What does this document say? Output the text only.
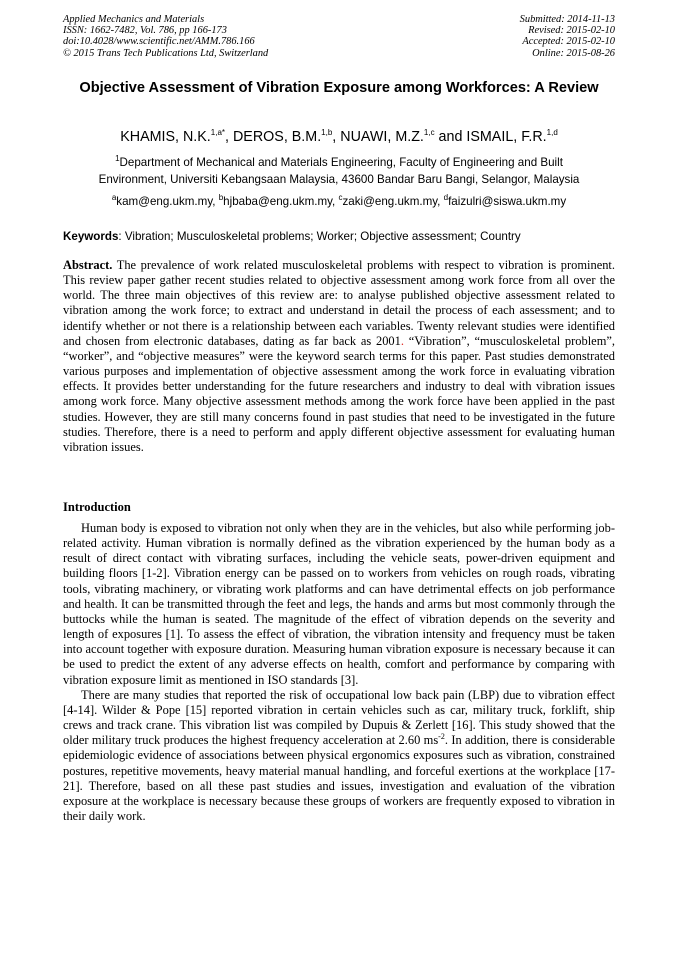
Applied Mechanics and Materials
ISSN: 1662-7482, Vol. 786, pp 166-173
doi:10.4028/www.scientific.net/AMM.786.166
© 2015 Trans Tech Publications Ltd, Switzerland
Submitted: 2014-11-13
Revised: 2015-02-10
Accepted: 2015-02-10
Online: 2015-08-26
Objective Assessment of Vibration Exposure among Workforces: A Review
KHAMIS, N.K.$^{1,a*}$, DEROS, B.M.$^{1,b}$, NUAWI, M.Z.$^{1,c}$ and ISMAIL, F.R.$^{1,d}$
$^1$Department of Mechanical and Materials Engineering, Faculty of Engineering and Built
Environment, Universiti Kebangsaan Malaysia, 43600 Bandar Baru Bangi, Selangor, Malaysia
$^a$kam@eng.ukm.my, $^b$hjbaba@eng.ukm.my, $^c$zaki@eng.ukm.my, $^d$faizulri@siswa.ukm.my
Keywords: Vibration; Musculoskeletal problems; Worker; Objective assessment; Country
Abstract. The prevalence of work related musculoskeletal problems with respect to vibration is prominent. This review paper gather recent studies related to objective assessment among work force from all over the world. The three main objectives of this review are: to analyse published objective assessment related to vibration among the work force; to extract and understand in detail the process of each assessment; and to identify whether or not there is a relationship between each variables. Twenty relevant studies were identified and chosen from electronic databases, dating as far back as 2001. “Vibration”, “musculoskeletal problem”, “worker”, and “objective measures” were the keyword search terms for this paper. Past studies demonstrated various purposes and implementation of objective assessment among the work force in evaluating vibration effects. It provides better understanding for the future researchers and industry to deal with vibration issues among work force. Many objective assessment methods among the work force have been applied in the past studies. However, they are still many concerns found in past studies that need to be investigated in the future studies. Therefore, there is a need to perform and apply different objective assessment for evaluating human vibration issues.
Introduction

Human body is exposed to vibration not only when they are in the vehicles, but also while performing job-related activity. Human vibration is normally defined as the vibration experienced by the human body as a result of direct contact with vibrating surfaces, including the vehicle seats, power-driven equipment and building floors [1-2]. Vibration energy can be passed on to workers from vehicles on rough roads, vibrating tools, vibrating machinery, or vibrating work platforms and can have detrimental effects on job performance and health. It can be transmitted through the feet and legs, the hands and arms but most commonly through the buttocks while the human is seated. The magnitude of the effect of vibration depends on the severity and length of exposures [1]. To assess the effect of vibration, the vibration intensity and frequency must be taken into account together with exposure duration. Measuring human vibration exposure is necessary because it can be used to predict the extent of any adverse effects on health, comfort and performance by comparing with vibration exposure limit as mentioned in ISO standards [3].

There are many studies that reported the risk of occupational low back pain (LBP) due to vibration effect [4-14]. Wilder & Pope [15] reported vibration in certain vehicles such as car, military truck, forklift, ship crews and track crane. This vibration list was compiled by Dupuis & Zerlett [16]. This study showed that the older military truck produces the highest frequency acceleration at 2.60 $ms^{-2}$. In addition, there is considerable epidemiologic evidence of associations between physical ergonomics exposures such as vibration, constrained postures, repetitive movements, heavy material manual handling, and forceful exertions at the workplace [17-21]. Therefore, based on all these past studies and issues, investigation and evaluation of the vibration exposure at the workplace is necessary because these groups of workers are frequently exposed to vibration in their daily work.
